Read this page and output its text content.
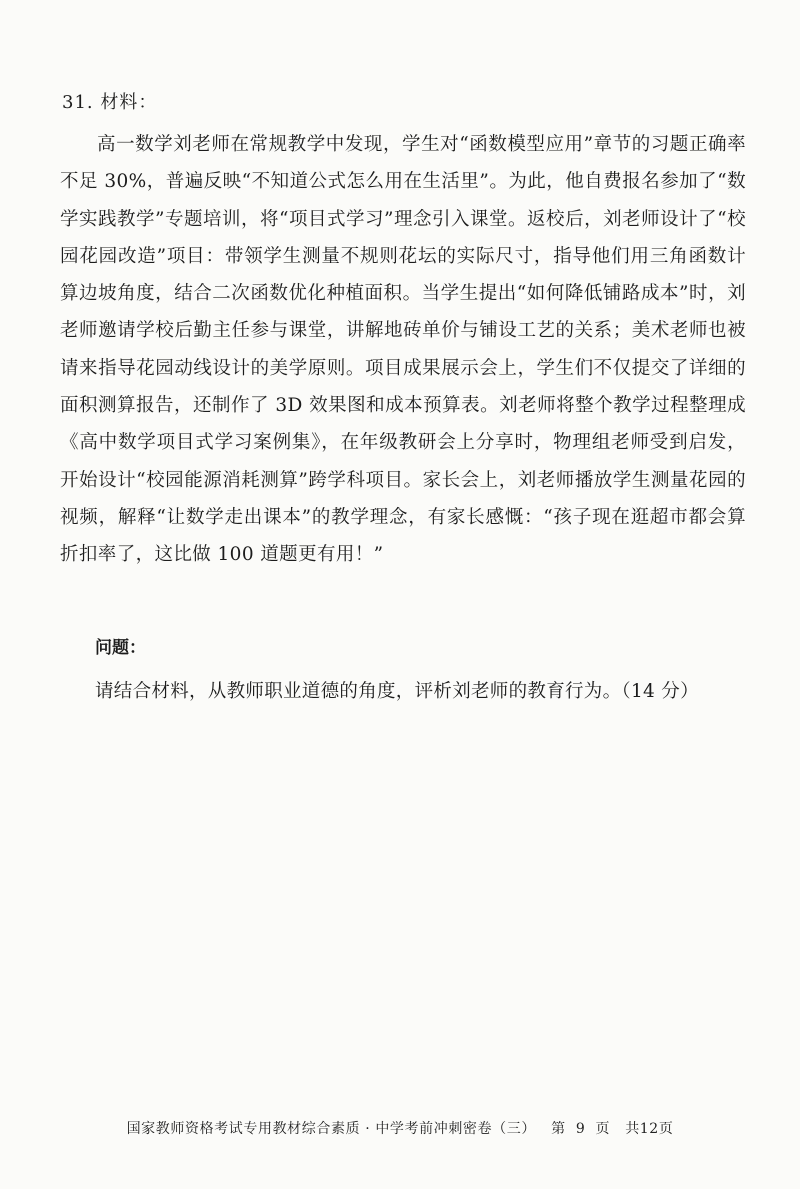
31. 材料：

高一数学刘老师在常规教学中发现，学生对“函数模型应用”章节的习题正确率不足 30%，普遍反映“不知道公式怎么用在生活里”。为此，他自费报名参加了“数学实践教学”专题培训，将“项目式学习”理念引入课堂。返校后，刘老师设计了“校园花园改造”项目：带领学生测量不规则花坛的实际尺寸，指导他们用三角函数计算边坡角度，结合二次函数优化种植面积。当学生提出“如何降低铺路成本”时，刘老师邀请学校后勤主任参与课堂，讲解地砖单价与铺设工艺的关系；美术老师也被请来指导花园动线设计的美学原则。项目成果展示会上，学生们不仅提交了详细的面积测算报告，还制作了 3D 效果图和成本预算表。刘老师将整个教学过程整理成《高中数学项目式学习案例集》，在年级教研会上分享时，物理组老师受到启发，开始设计“校园能源消耗测算”跨学科项目。家长会上，刘老师播放学生测量花园的视频，解释“让数学走出课本”的教学理念，有家长感慨：“孩子现在逛超市都会算折扣率了，这比做 100 道题更有用！”

问题：
请结合材料，从教师职业道德的角度，评析刘老师的教育行为。（14 分）
国家教师资格考试专用教材综合素质 · 中学考前冲刺密卷（三） 第 9 页 共12页
